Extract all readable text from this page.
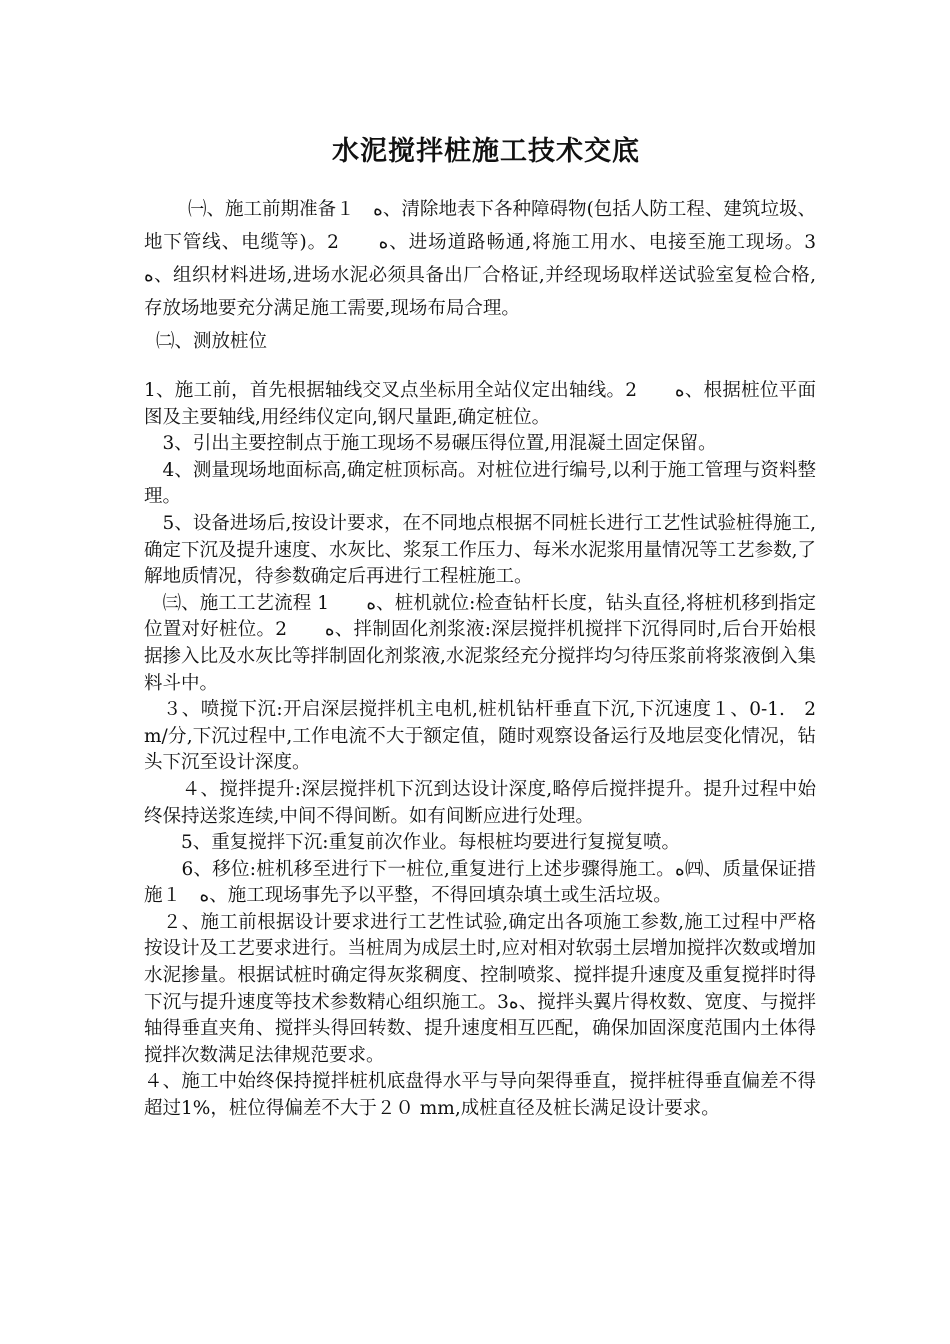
水泥搅拌桩施工技术交底

㈠、施工前期准备１　ﻩ、清除地表下各种障碍物(包括人防工程、建筑垃圾、地下管线、电缆等)。2　　ﻩ、进场道路畅通,将施工用水、电接至施工现场。3　　ﻩ、组织材料进场,进场水泥必须具备出厂合格证,并经现场取样送试验室复检合格,存放场地要充分满足施工需要,现场布局合理。

㈡、测放桩位

1、施工前，首先根据轴线交叉点坐标用全站仪定出轴线。2　　ﻩ、根据桩位平面图及主要轴线,用经纬仪定向,钢尺量距,确定桩位。

　3、引出主要控制点于施工现场不易碾压得位置,用混凝土固定保留。

　4、测量现场地面标高,确定桩顶标高。对桩位进行编号,以利于施工管理与资料整理。

　5、设备进场后,按设计要求，在不同地点根据不同桩长进行工艺性试验桩得施工,确定下沉及提升速度、水灰比、浆泵工作压力、每米水泥浆用量情况等工艺参数,了解地质情况，待参数确定后再进行工程桩施工。

　㈢、施工工艺流程 1　　ﻩ、桩机就位:检查钻杆长度，钻头直径,将桩机移到指定位置对好桩位。2　　ﻩ、拌制固化剂浆液:深层搅拌机搅拌下沉得同时,后台开始根据掺入比及水灰比等拌制固化剂浆液,水泥浆经充分搅拌均匀待压浆前将浆液倒入集料斗中。

　３、喷搅下沉:开启深层搅拌机主电机,桩机钻杆垂直下沉,下沉速度１、0-1.　2 m/分,下沉过程中,工作电流不大于额定值，随时观察设备运行及地层变化情况，钻头下沉至设计深度。

　　４、搅拌提升:深层搅拌机下沉到达设计深度,略停后搅拌提升。提升过程中始终保持送浆连续,中间不得间断。如有间断应进行处理。

　　5、重复搅拌下沉:重复前次作业。每根桩均要进行复搅复喷。

　　6、移位:桩机移至进行下一桩位,重复进行上述步骤得施工。ﻩ㈣、质量保证措施１　ﻩ、施工现场事先予以平整，不得回填杂填土或生活垃圾。

　２、施工前根据设计要求进行工艺性试验,确定出各项施工参数,施工过程中严格按设计及工艺要求进行。当桩周为成层土时,应对相对软弱土层增加搅拌次数或增加水泥掺量。根据试桩时确定得灰浆稠度、控制喷浆、搅拌提升速度及重复搅拌时得下沉与提升速度等技术参数精心组织施工。3ﻩ、搅拌头翼片得枚数、宽度、与搅拌轴得垂直夹角、搅拌头得回转数、提升速度相互匹配，确保加固深度范围内土体得搅拌次数满足法律规范要求。

４、施工中始终保持搅拌桩机底盘得水平与导向架得垂直，搅拌桩得垂直偏差不得超过1%，桩位得偏差不大于２０ mm,成桩直径及桩长满足设计要求。
